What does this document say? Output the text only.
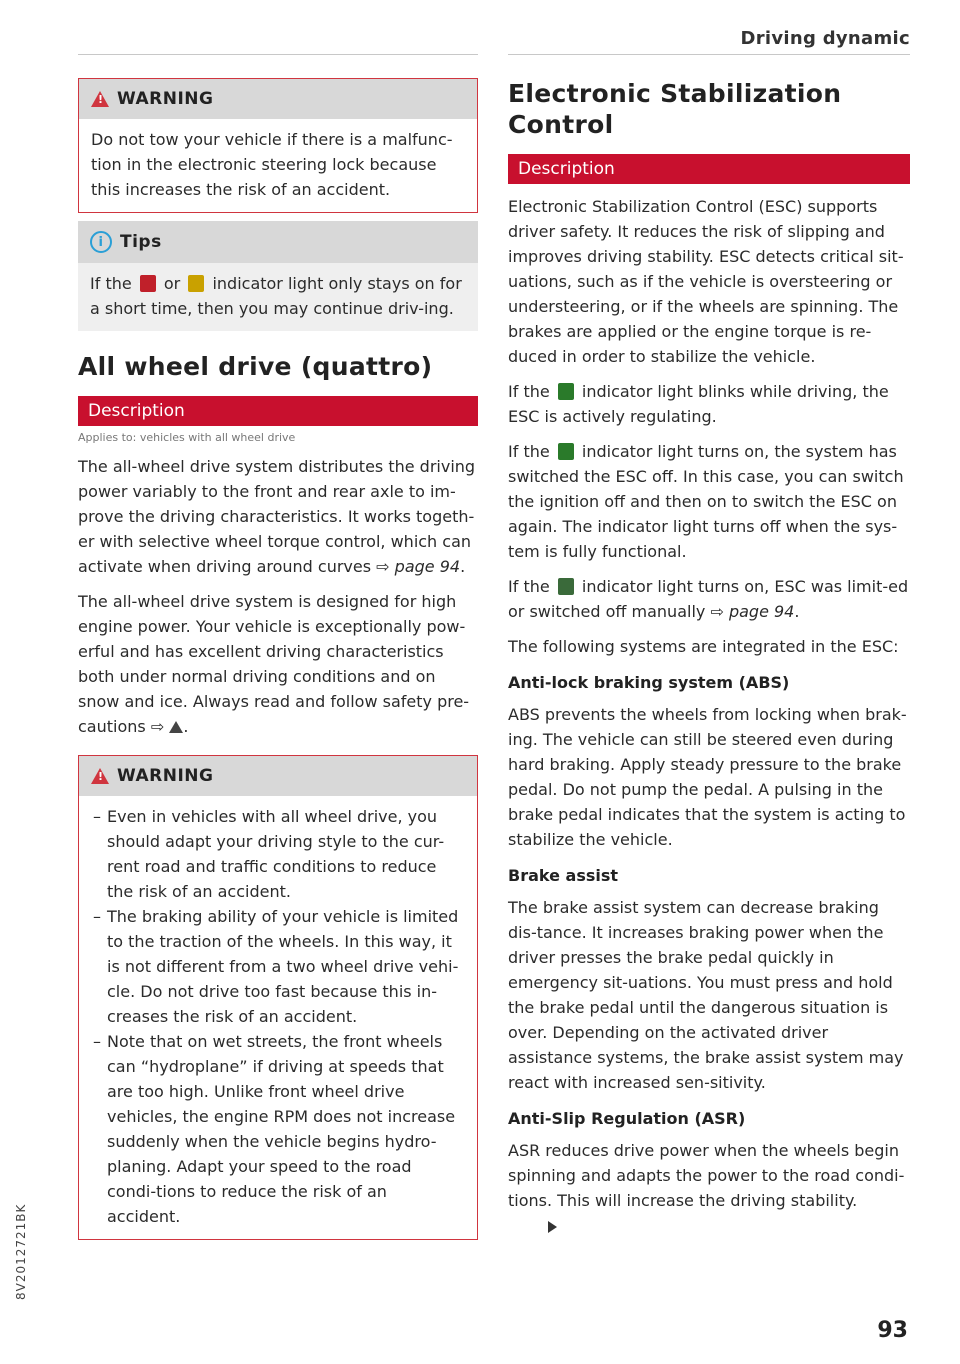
Driving dynamic
!
WARNING
Do not tow your vehicle if there is a malfunc-tion in the electronic steering lock because this increases the risk of an accident.
i Tips
If the or indicator light only stays on for a short time, then you may continue driv-ing.
All wheel drive (quattro)
Description
Applies to: vehicles with all wheel drive

The all-wheel drive system distributes the driving power variably to the front and rear axle to im-prove the driving characteristics. It works togeth-er with selective wheel torque control, which can activate when driving around curves ⇨ page 94.

The all-wheel drive system is designed for high engine power. Your vehicle is exceptionally pow-erful and has excellent driving characteristics both under normal driving conditions and on snow and ice. Always read and follow safety pre-cautions ⇨ .

!
WARNING
– Even in vehicles with all wheel drive, you should adapt your driving style to the cur-rent road and traffic conditions to reduce the risk of an accident.
– The braking ability of your vehicle is limited to the traction of the wheels. In this way, it is not different from a two wheel drive vehi-cle. Do not drive too fast because this in-creases the risk of an accident.
– Note that on wet streets, the front wheels can “hydroplane” if driving at speeds that are too high. Unlike front wheel drive vehicles, the engine RPM does not increase suddenly when the vehicle begins hydro-planing. Adapt your speed to the road condi-tions to reduce the risk of an accident.
Electronic Stabilization Control
Description

Electronic Stabilization Control (ESC) supports driver safety. It reduces the risk of slipping and improves driving stability. ESC detects critical sit-uations, such as if the vehicle is oversteering or understeering, or if the wheels are spinning. The brakes are applied or the engine torque is re-duced in order to stabilize the vehicle.

If the indicator light blinks while driving, the ESC is actively regulating.

If the indicator light turns on, the system has switched the ESC off. In this case, you can switch the ignition off and then on to switch the ESC on again. The indicator light turns off when the sys-tem is fully functional.

If the indicator light turns on, ESC was limit-ed or switched off manually ⇨ page 94.

The following systems are integrated in the ESC:

Anti-lock braking system (ABS)

ABS prevents the wheels from locking when brak-ing. The vehicle can still be steered even during hard braking. Apply steady pressure to the brake pedal. Do not pump the pedal. A pulsing in the brake pedal indicates that the system is acting to stabilize the vehicle.

Brake assist

The brake assist system can decrease braking dis-tance. It increases braking power when the driver presses the brake pedal quickly in emergency sit-uations. You must press and hold the brake pedal until the dangerous situation is over. Depending on the activated driver assistance systems, the brake assist system may react with increased sen-sitivity.

Anti-Slip Regulation (ASR)

ASR reduces drive power when the wheels begin spinning and adapts the power to the road condi-tions. This will increase the driving stability.

93
8V2012721BK
